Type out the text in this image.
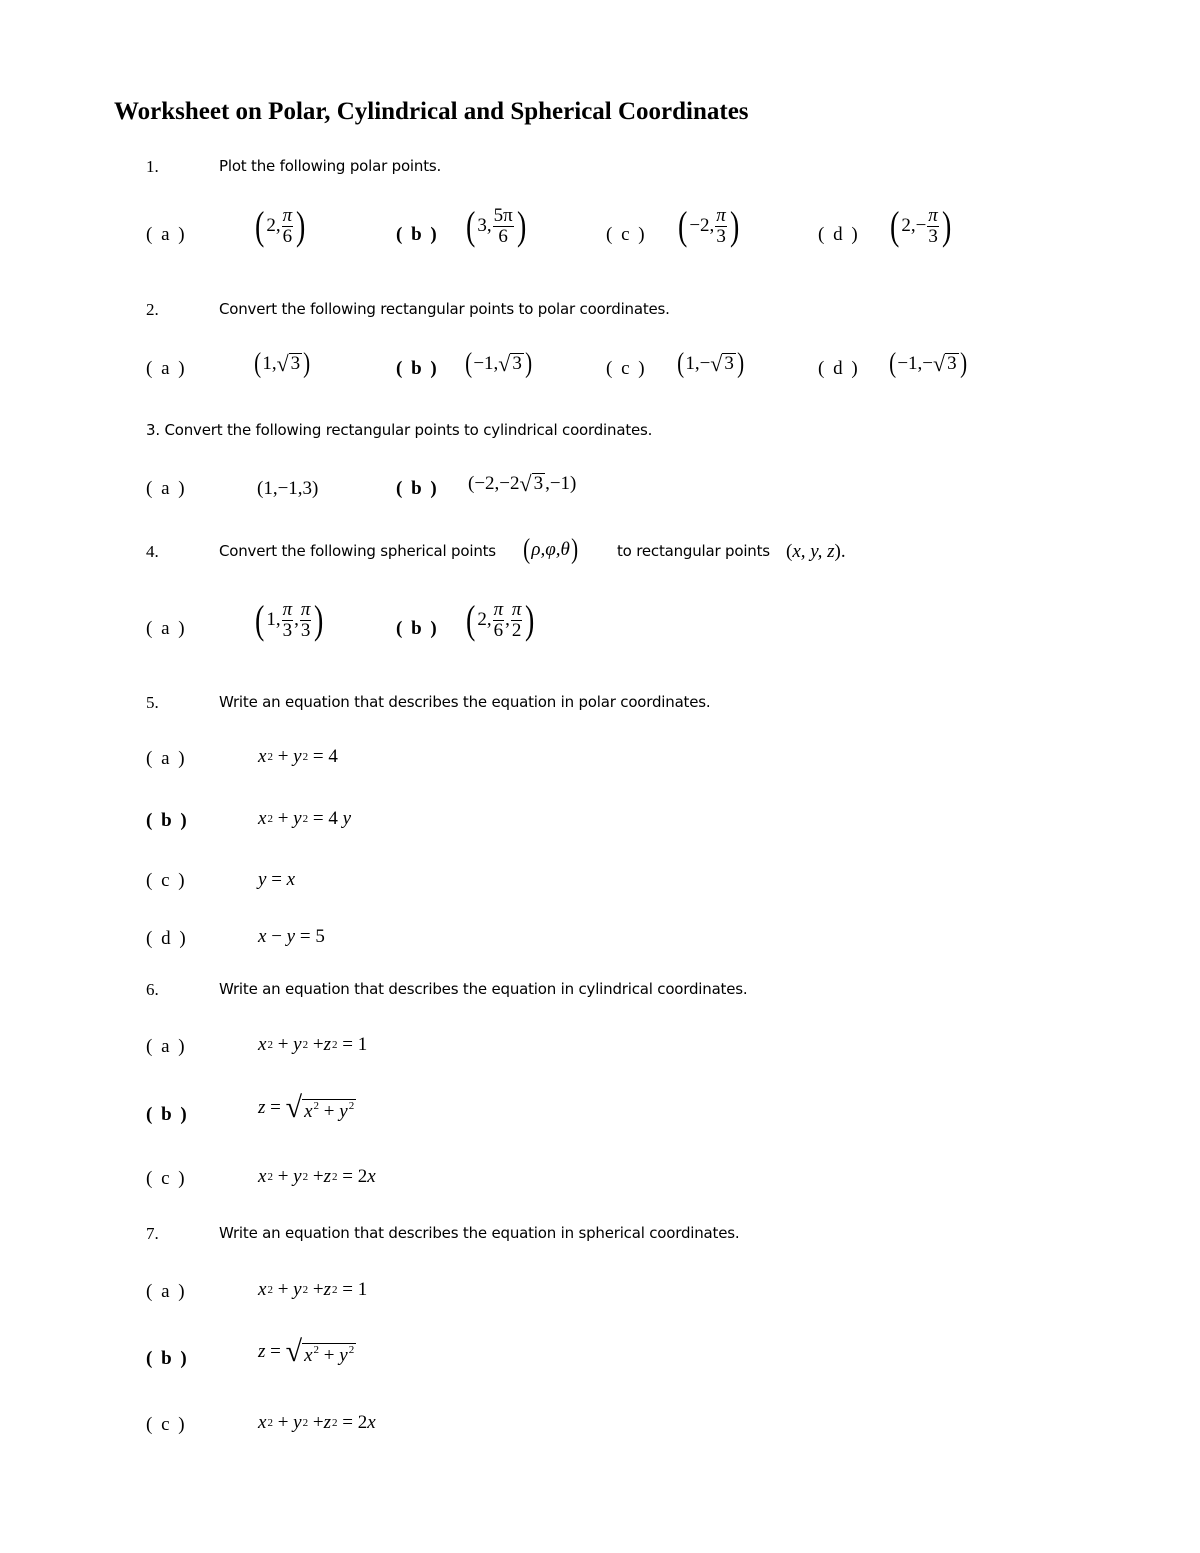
Worksheet on Polar, Cylindrical and Spherical Coordinates
1.	Plot the following polar points.
( a ) ( 2, $\frac{\pi}{6}$ )	( b ) ( 3, $\frac{5\pi}{6}$ )	( c ) ( −2, $\frac{\pi}{3}$ )	( d ) ( 2, − $\frac{\pi}{3}$ )
2.	Convert the following rectangular points to polar coordinates.
( a ) ( 1, √ 3 )	( b ) ( −1, √ 3 )	( c ) ( 1,− √ 3 )	( d ) ( −1,− √ 3 )
3. Convert the following rectangular points to cylindrical coordinates.
( a )	(1,−1,3)	( b ) (−2,−2 √ 3 ,−1)
4.	Convert the following spherical points ( ρ,φ,θ )	to rectangular points ( x, y, z ) .
( a ) ( 1, $\frac{\pi}{3}$ , $\frac{\pi}{3}$ )	( b ) ( 2, $\frac{\pi}{6}$ , $\frac{\pi}{2}$ )
5.	Write an equation that describes the equation in polar coordinates.
( a )	x 2
+
y 2
=
4
( b )	x 2
+
y 2
=
4
y
( c )	y
=
x
( d )	x
−
y
=
5
6.	Write an equation that describes the equation in cylindrical coordinates.
( a )	x 2
+
y 2
+ z 2
=
1
( b )	z
=
√ $x^2 + y^2$
( c )	x 2
+
y 2
+ z 2
=
2 x
7.	Write an equation that describes the equation in spherical coordinates.
( a )	x 2
+
y 2
+ z 2
=
1
( b )	z
=
√ $x^2 + y^2$
( c )	x 2
+
y 2
+ z 2
=
2 x
